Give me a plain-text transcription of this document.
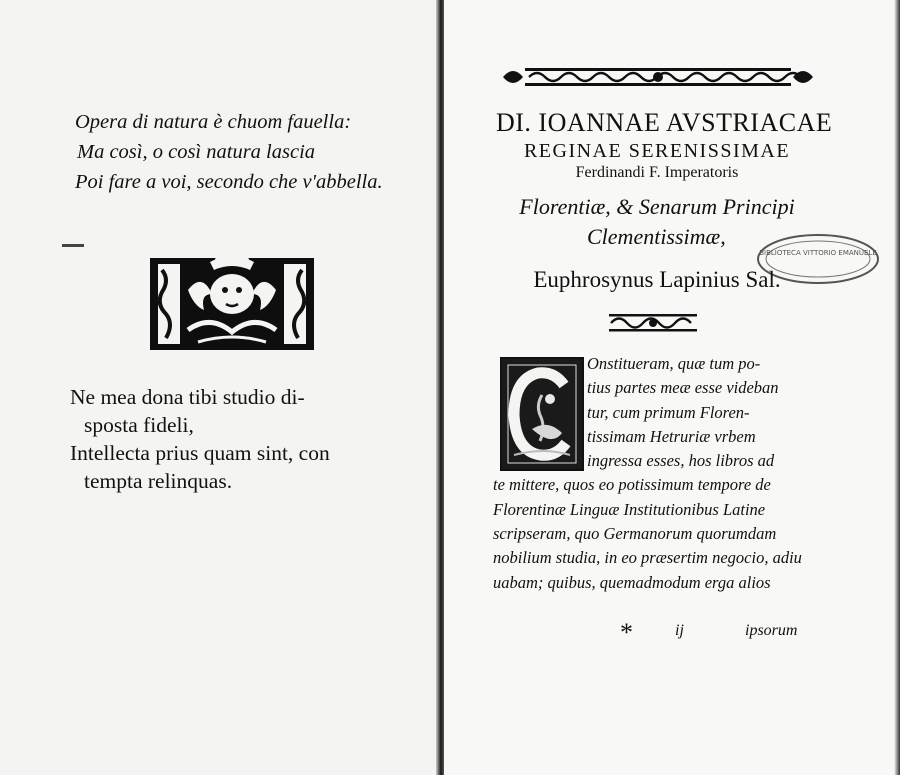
Opera di natura è chuom fauella:
Ma così, o così natura lascia
Poi fare a voi, secondo che v'abbella.
Ne mea dona tibi studio di-
sposta fideli,
Intellecta prius quam sint, con
tempta relinquas.
DI. IOANNAE AVSTRIACAE
REGINAE SERENISSIMAE
Ferdinandi F. Imperatoris
Florentiæ, & Senarum Principi
Clementissimæ,
BIBLIOTECA VITTORIO EMANUELE
Euphrosynus Lapinius Sal.
Onstitueram, quæ tum po-
tius partes meæ esse videban
tur, cum primum Floren-
tissimam Hetruriæ vrbem
ingressa esses, hos libros ad
te mittere, quos eo potissimum tempore de
Florentinæ Linguæ Institutionibus Latine
scripseram, quo Germanorum quorumdam
nobilium studia, in eo præsertim negocio, adiu
uabam; quibus, quemadmodum erga alios
*	ij	ipsorum
